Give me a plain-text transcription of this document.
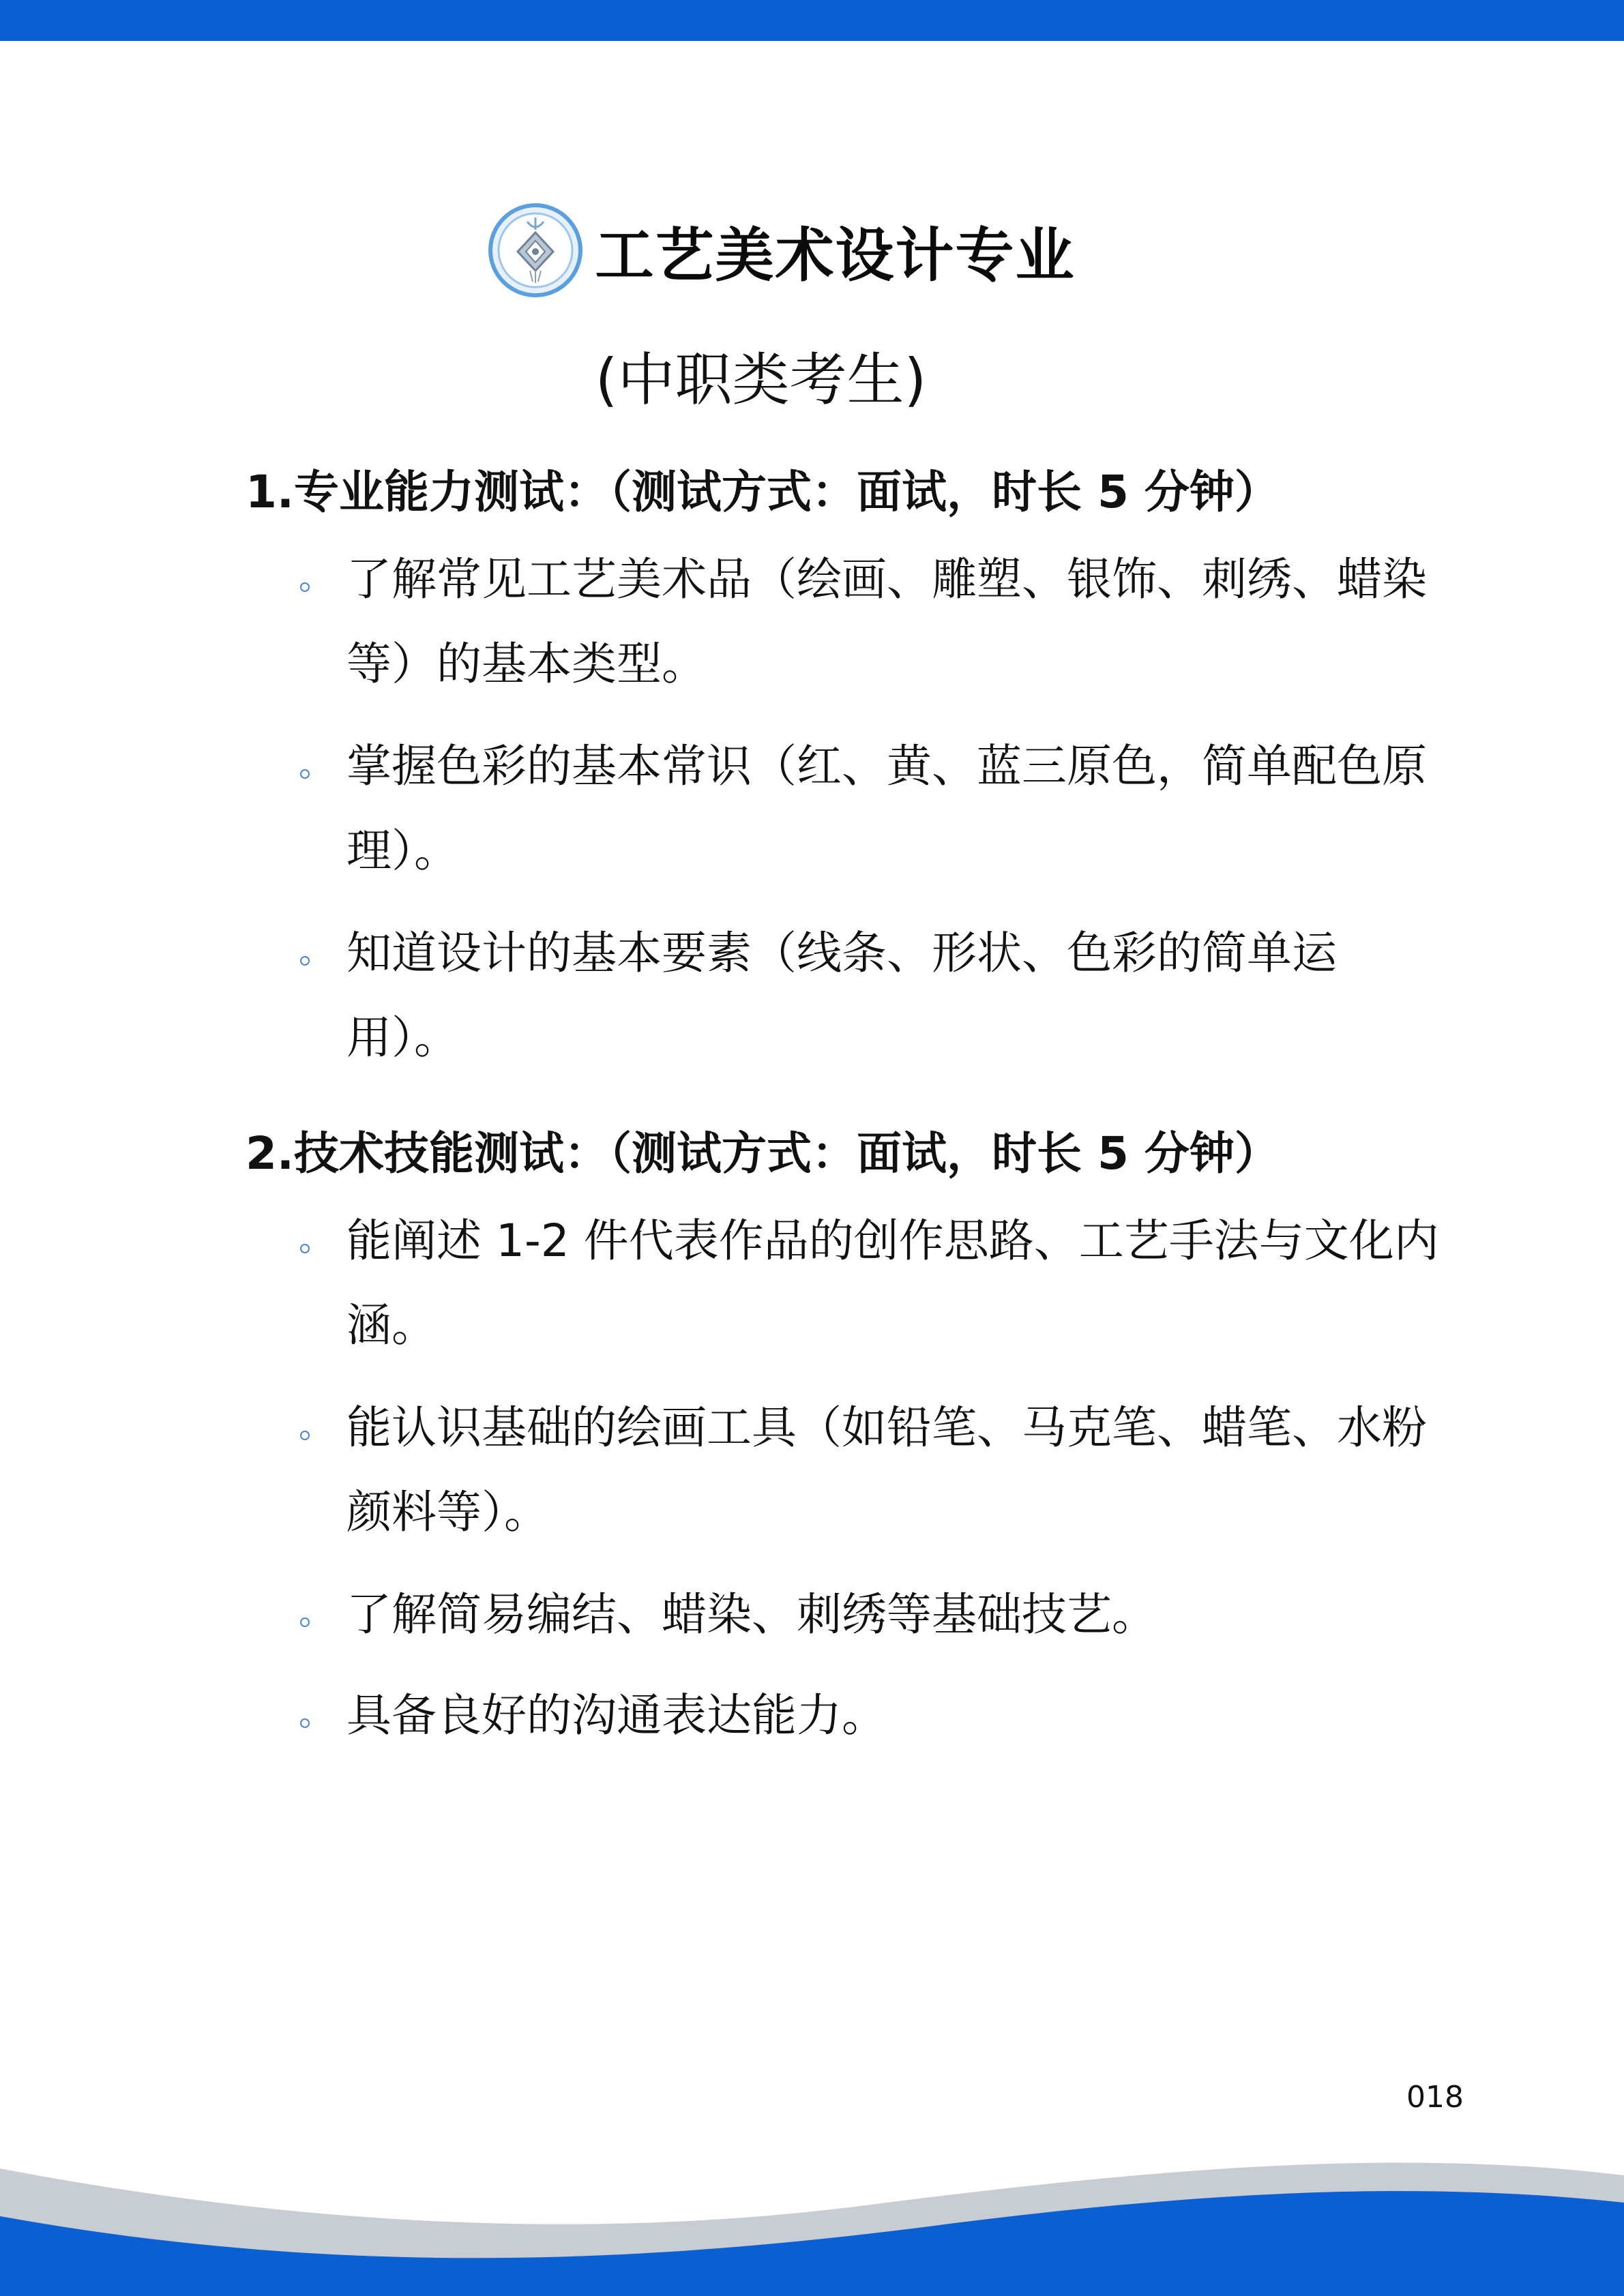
工艺美术设计专业
(中职类考生)
1.专业能力测试：（测试方式：面试，时长 5 分钟）
了解常见工艺美术品（绘画、雕塑、银饰、刺绣、蜡染等）的基本类型。
掌握色彩的基本常识（红、黄、蓝三原色，简单配色原理）。
知道设计的基本要素（线条、形状、色彩的简单运用）。
2.技术技能测试：（测试方式：面试，时长 5 分钟）
能阐述 1-2 件代表作品的创作思路、工艺手法与文化内涵。
能认识基础的绘画工具（如铅笔、马克笔、蜡笔、水粉颜料等）。
了解简易编结、蜡染、刺绣等基础技艺。
具备良好的沟通表达能力。
018
